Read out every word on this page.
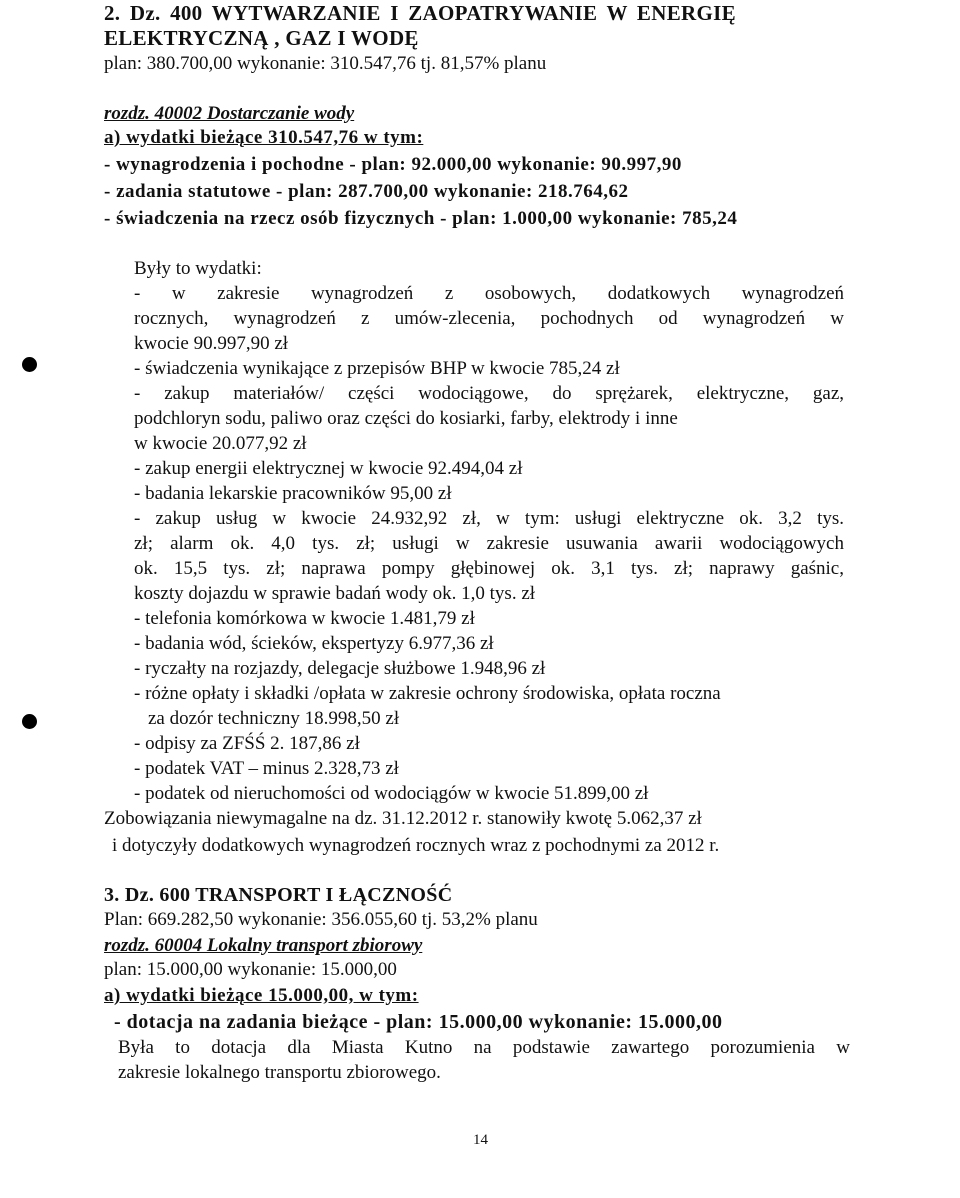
2. Dz. 400 WYTWARZANIE I ZAOPATRYWANIE W ENERGIĘ
ELEKTRYCZNĄ , GAZ I WODĘ
plan: 380.700,00 wykonanie: 310.547,76 tj. 81,57% planu
rozdz. 40002 Dostarczanie wody
a) wydatki bieżące 310.547,76 w tym:
- wynagrodzenia i pochodne - plan: 92.000,00 wykonanie: 90.997,90
- zadania statutowe - plan: 287.700,00 wykonanie: 218.764,62
- świadczenia na rzecz osób fizycznych - plan: 1.000,00 wykonanie: 785,24
Były to wydatki:
- w zakresie wynagrodzeń z osobowych, dodatkowych wynagrodzeń
rocznych, wynagrodzeń z umów-zlecenia, pochodnych od wynagrodzeń w
kwocie 90.997,90 zł
- świadczenia wynikające z przepisów BHP w kwocie 785,24 zł
- zakup materiałów/ części wodociągowe, do sprężarek, elektryczne, gaz,
podchloryn sodu, paliwo oraz części do kosiarki, farby, elektrody i inne
w kwocie 20.077,92 zł
- zakup energii elektrycznej w kwocie 92.494,04 zł
- badania lekarskie pracowników 95,00 zł
- zakup usług w kwocie 24.932,92 zł, w tym: usługi elektryczne ok. 3,2 tys.
zł; alarm ok. 4,0 tys. zł; usługi w zakresie usuwania awarii wodociągowych
ok. 15,5 tys. zł; naprawa pompy głębinowej ok. 3,1 tys. zł; naprawy gaśnic,
koszty dojazdu w sprawie badań wody ok. 1,0 tys. zł
- telefonia komórkowa w kwocie 1.481,79 zł
- badania wód, ścieków, ekspertyzy 6.977,36 zł
- ryczałty na rozjazdy, delegacje służbowe 1.948,96 zł
- różne opłaty i składki /opłata w zakresie ochrony środowiska, opłata roczna
za dozór techniczny 18.998,50 zł
- odpisy za ZFŚŚ 2. 187,86 zł
- podatek VAT – minus 2.328,73 zł
- podatek od nieruchomości od wodociągów w kwocie 51.899,00 zł
Zobowiązania niewymagalne na dz. 31.12.2012 r. stanowiły kwotę 5.062,37 zł
i dotyczyły dodatkowych wynagrodzeń rocznych wraz z pochodnymi za 2012 r.
3. Dz. 600 TRANSPORT I ŁĄCZNOŚĆ
Plan: 669.282,50 wykonanie: 356.055,60 tj. 53,2% planu
rozdz. 60004 Lokalny transport zbiorowy
plan: 15.000,00 wykonanie: 15.000,00
a) wydatki bieżące 15.000,00, w tym:
- dotacja na zadania bieżące - plan: 15.000,00 wykonanie: 15.000,00
Była to dotacja dla Miasta Kutno na podstawie zawartego porozumienia w
zakresie lokalnego transportu zbiorowego.
14
